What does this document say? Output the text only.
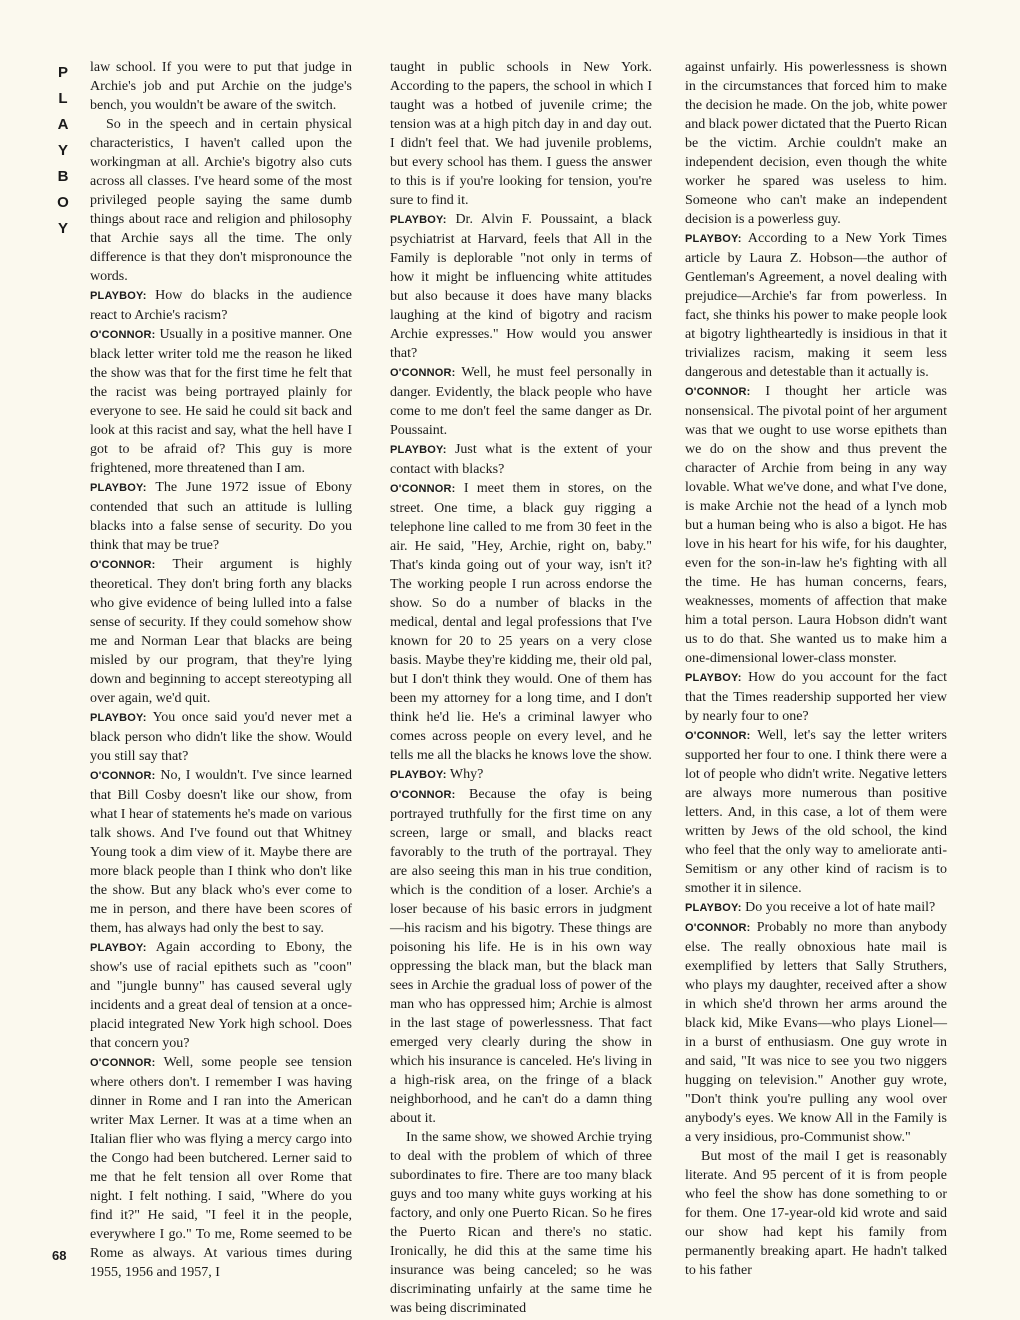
P
L
A
Y
B
O
Y

law school. If you were to put that judge in Archie's job and put Archie on the judge's bench, you wouldn't be aware of the switch.

So in the speech and in certain physical characteristics, I haven't called upon the workingman at all. Archie's bigotry also cuts across all classes. I've heard some of the most privileged people saying the same dumb things about race and religion and philosophy that Archie says all the time. The only difference is that they don't mispronounce the words.

PLAYBOY: How do blacks in the audience react to Archie's racism?

O'CONNOR: Usually in a positive manner. One black letter writer told me the reason he liked the show was that for the first time he felt that the racist was being portrayed plainly for everyone to see. He said he could sit back and look at this racist and say, what the hell have I got to be afraid of? This guy is more frightened, more threatened than I am.

PLAYBOY: The June 1972 issue of Ebony contended that such an attitude is lulling blacks into a false sense of security. Do you think that may be true?

O'CONNOR: Their argument is highly theoretical. They don't bring forth any blacks who give evidence of being lulled into a false sense of security. If they could somehow show me and Norman Lear that blacks are being misled by our program, that they're lying down and beginning to accept stereotyping all over again, we'd quit.

PLAYBOY: You once said you'd never met a black person who didn't like the show. Would you still say that?

O'CONNOR: No, I wouldn't. I've since learned that Bill Cosby doesn't like our show, from what I hear of statements he's made on various talk shows. And I've found out that Whitney Young took a dim view of it. Maybe there are more black people than I think who don't like the show. But any black who's ever come to me in person, and there have been scores of them, has always had only the best to say.

PLAYBOY: Again according to Ebony, the show's use of racial epithets such as "coon" and "jungle bunny" has caused several ugly incidents and a great deal of tension at a once-placid integrated New York high school. Does that concern you?

O'CONNOR: Well, some people see tension where others don't. I remember I was having dinner in Rome and I ran into the American writer Max Lerner. It was at a time when an Italian flier who was flying a mercy cargo into the Congo had been butchered. Lerner said to me that he felt tension all over Rome that night. I felt nothing. I said, "Where do you find it?" He said, "I feel it in the people, everywhere I go." To me, Rome seemed to be Rome as always. At various times during 1955, 1956 and 1957, I

taught in public schools in New York. According to the papers, the school in which I taught was a hotbed of juvenile crime; the tension was at a high pitch day in and day out. I didn't feel that. We had juvenile problems, but every school has them. I guess the answer to this is if you're looking for tension, you're sure to find it.

PLAYBOY: Dr. Alvin F. Poussaint, a black psychiatrist at Harvard, feels that All in the Family is deplorable "not only in terms of how it might be influencing white attitudes but also because it does have many blacks laughing at the kind of bigotry and racism Archie expresses." How would you answer that?

O'CONNOR: Well, he must feel personally in danger. Evidently, the black people who have come to me don't feel the same danger as Dr. Poussaint.

PLAYBOY: Just what is the extent of your contact with blacks?

O'CONNOR: I meet them in stores, on the street. One time, a black guy rigging a telephone line called to me from 30 feet in the air. He said, "Hey, Archie, right on, baby." That's kinda going out of your way, isn't it? The working people I run across endorse the show. So do a number of blacks in the medical, dental and legal professions that I've known for 20 to 25 years on a very close basis. Maybe they're kidding me, their old pal, but I don't think they would. One of them has been my attorney for a long time, and I don't think he'd lie. He's a criminal lawyer who comes across people on every level, and he tells me all the blacks he knows love the show.

PLAYBOY: Why?

O'CONNOR: Because the ofay is being portrayed truthfully for the first time on any screen, large or small, and blacks react favorably to the truth of the portrayal. They are also seeing this man in his true condition, which is the condition of a loser. Archie's a loser because of his basic errors in judgment—his racism and his bigotry. These things are poisoning his life. He is in his own way oppressing the black man, but the black man sees in Archie the gradual loss of power of the man who has oppressed him; Archie is almost in the last stage of powerlessness. That fact emerged very clearly during the show in which his insurance is canceled. He's living in a high-risk area, on the fringe of a black neighborhood, and he can't do a damn thing about it.

In the same show, we showed Archie trying to deal with the problem of which of three subordinates to fire. There are too many black guys and too many white guys working at his factory, and only one Puerto Rican. So he fires the Puerto Rican and there's no static. Ironically, he did this at the same time his insurance was being canceled; so he was discriminating unfairly at the same time he was being discriminated

against unfairly. His powerlessness is shown in the circumstances that forced him to make the decision he made. On the job, white power and black power dictated that the Puerto Rican be the victim. Archie couldn't make an independent decision, even though the white worker he spared was useless to him. Someone who can't make an independent decision is a powerless guy.

PLAYBOY: According to a New York Times article by Laura Z. Hobson—the author of Gentleman's Agreement, a novel dealing with prejudice—Archie's far from powerless. In fact, she thinks his power to make people look at bigotry lightheartedly is insidious in that it trivializes racism, making it seem less dangerous and detestable than it actually is.

O'CONNOR: I thought her article was nonsensical. The pivotal point of her argument was that we ought to use worse epithets than we do on the show and thus prevent the character of Archie from being in any way lovable. What we've done, and what I've done, is make Archie not the head of a lynch mob but a human being who is also a bigot. He has love in his heart for his wife, for his daughter, even for the son-in-law he's fighting with all the time. He has human concerns, fears, weaknesses, moments of affection that make him a total person. Laura Hobson didn't want us to do that. She wanted us to make him a one-dimensional lower-class monster.

PLAYBOY: How do you account for the fact that the Times readership supported her view by nearly four to one?

O'CONNOR: Well, let's say the letter writers supported her four to one. I think there were a lot of people who didn't write. Negative letters are always more numerous than positive letters. And, in this case, a lot of them were written by Jews of the old school, the kind who feel that the only way to ameliorate anti-Semitism or any other kind of racism is to smother it in silence.

PLAYBOY: Do you receive a lot of hate mail?

O'CONNOR: Probably no more than anybody else. The really obnoxious hate mail is exemplified by letters that Sally Struthers, who plays my daughter, received after a show in which she'd thrown her arms around the black kid, Mike Evans—who plays Lionel—in a burst of enthusiasm. One guy wrote in and said, "It was nice to see you two niggers hugging on television." Another guy wrote, "Don't think you're pulling any wool over anybody's eyes. We know All in the Family is a very insidious, pro-Communist show."

But most of the mail I get is reasonably literate. And 95 percent of it is from people who feel the show has done something to or for them. One 17-year-old kid wrote and said our show had kept his family from permanently breaking apart. He hadn't talked to his father

68
